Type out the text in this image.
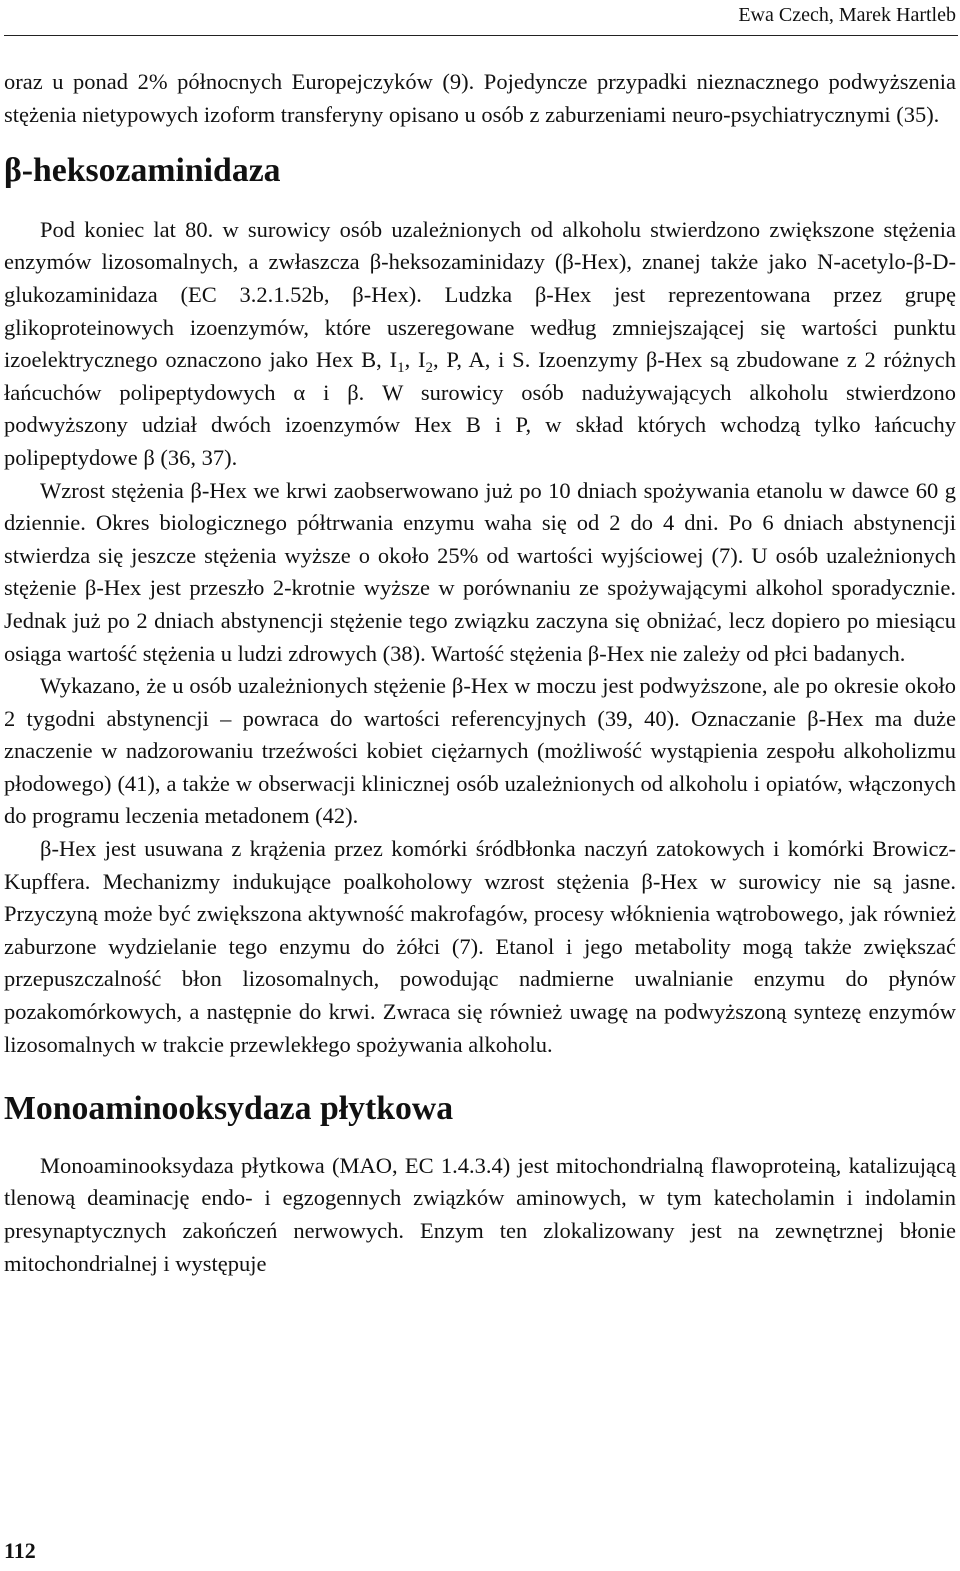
Ewa Czech, Marek Hartleb

oraz u ponad 2% północnych Europejczyków (9). Pojedyncze przypadki nieznacznego podwyższenia stężenia nietypowych izoform transferyny opisano u osób z zaburzeniami neuro-psychiatrycznymi (35).

β-heksozaminidaza

Pod koniec lat 80. w surowicy osób uzależnionych od alkoholu stwierdzono zwiększone stężenia enzymów lizosomalnych, a zwłaszcza β-heksozaminidazy (β-Hex), znanej także jako N-acetylo-β-D-glukozaminidaza (EC 3.2.1.52b, β-Hex). Ludzka β-Hex jest reprezentowana przez grupę glikoproteinowych izoenzymów, które uszeregowane według zmniejszającej się wartości punktu izoelektrycznego oznaczono jako Hex B, $I_1$, $I_2$, P, A, i S. Izoenzymy β-Hex są zbudowane z 2 różnych łańcuchów polipeptydowych α i β. W surowicy osób nadużywających alkoholu stwierdzono podwyższony udział dwóch izoenzymów Hex B i P, w skład których wchodzą tylko łańcuchy polipeptydowe β (36, 37).

Wzrost stężenia β-Hex we krwi zaobserwowano już po 10 dniach spożywania etanolu w dawce 60 g dziennie. Okres biologicznego półtrwania enzymu waha się od 2 do 4 dni. Po 6 dniach abstynencji stwierdza się jeszcze stężenia wyższe o około 25% od wartości wyjściowej (7). U osób uzależnionych stężenie β-Hex jest przeszło 2-krotnie wyższe w porównaniu ze spożywającymi alkohol sporadycznie. Jednak już po 2 dniach abstynencji stężenie tego związku zaczyna się obniżać, lecz dopiero po miesiącu osiąga wartość stężenia u ludzi zdrowych (38). Wartość stężenia β-Hex nie zależy od płci badanych.

Wykazano, że u osób uzależnionych stężenie β-Hex w moczu jest podwyższone, ale po okresie około 2 tygodni abstynencji – powraca do wartości referencyjnych (39, 40). Oznaczanie β-Hex ma duże znaczenie w nadzorowaniu trzeźwości kobiet ciężarnych (możliwość wystąpienia zespołu alkoholizmu płodowego) (41), a także w obserwacji klinicznej osób uzależnionych od alkoholu i opiatów, włączonych do programu leczenia metadonem (42).

β-Hex jest usuwana z krążenia przez komórki śródbłonka naczyń zatokowych i komórki Browicz-Kupffera. Mechanizmy indukujące poalkoholowy wzrost stężenia β-Hex w surowicy nie są jasne. Przyczyną może być zwiększona aktywność makrofagów, procesy włóknienia wątrobowego, jak również zaburzone wydzielanie tego enzymu do żółci (7). Etanol i jego metabolity mogą także zwiększać przepuszczalność błon lizosomalnych, powodując nadmierne uwalnianie enzymu do płynów pozakomórkowych, a następnie do krwi. Zwraca się również uwagę na podwyższoną syntezę enzymów lizosomalnych w trakcie przewlekłego spożywania alkoholu.

Monoaminooksydaza płytkowa

Monoaminooksydaza płytkowa (MAO, EC 1.4.3.4) jest mitochondrialną flawoproteiną, katalizującą tlenową deaminację endo- i egzogennych związków aminowych, w tym katecholamin i indolamin presynaptycznych zakończeń nerwowych. Enzym ten zlokalizowany jest na zewnętrznej błonie mitochondrialnej i występuje

112
